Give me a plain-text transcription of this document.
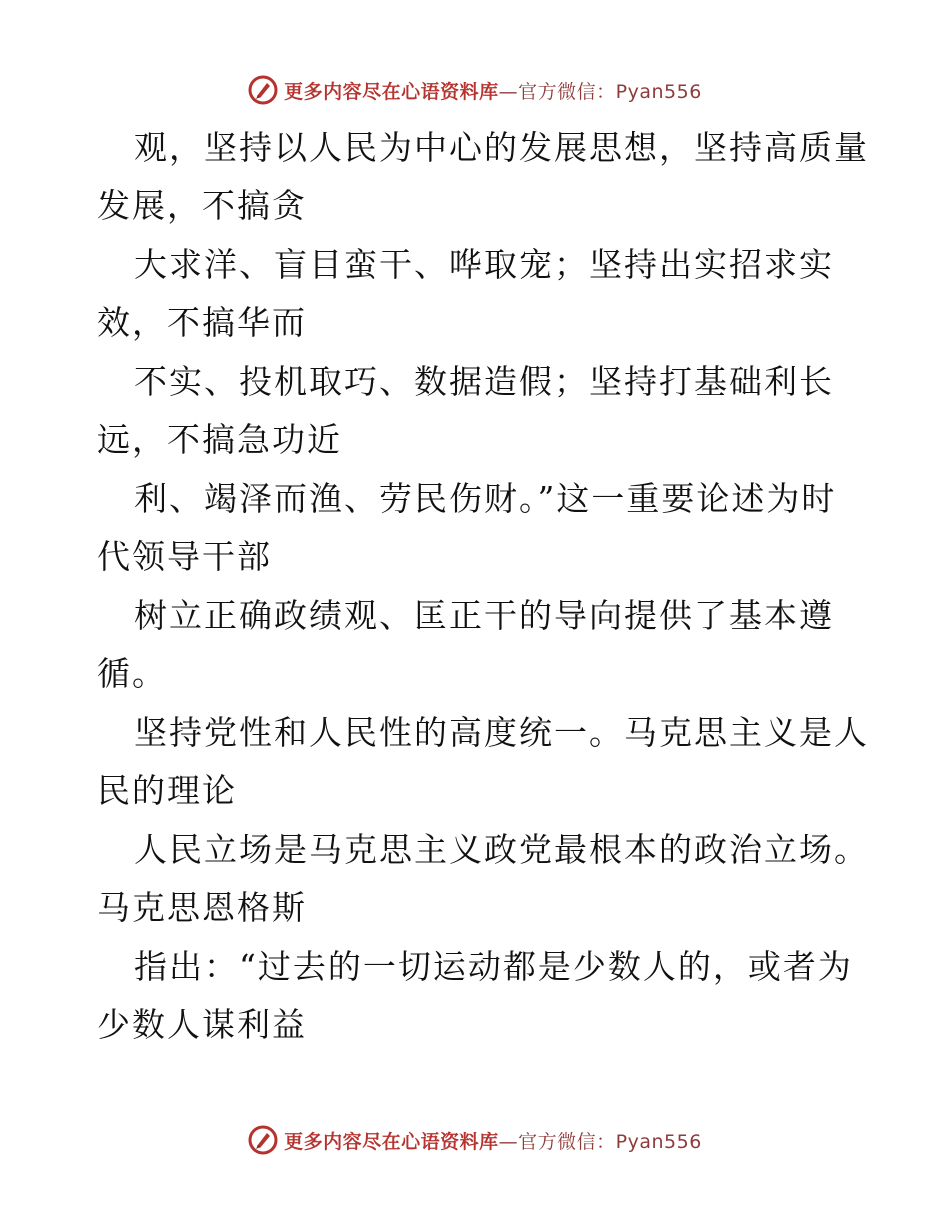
更多内容尽在心语资料库—官方微信：Pyan556
观，坚持以人民为中心的发展思想，坚持高质量
发展，不搞贪
大求洋、盲目蛮干、哗取宠；坚持出实招求实
效，不搞华而
不实、投机取巧、数据造假；坚持打基础利长
远，不搞急功近
利、竭泽而渔、劳民伤财。”这一重要论述为时
代领导干部
树立正确政绩观、匡正干的导向提供了基本遵
循。
坚持党性和人民性的高度统一。马克思主义是人
民的理论
人民立场是马克思主义政党最根本的政治立场。
马克思恩格斯
指出：“过去的一切运动都是少数人的，或者为
少数人谋利益
更多内容尽在心语资料库—官方微信：Pyan556
